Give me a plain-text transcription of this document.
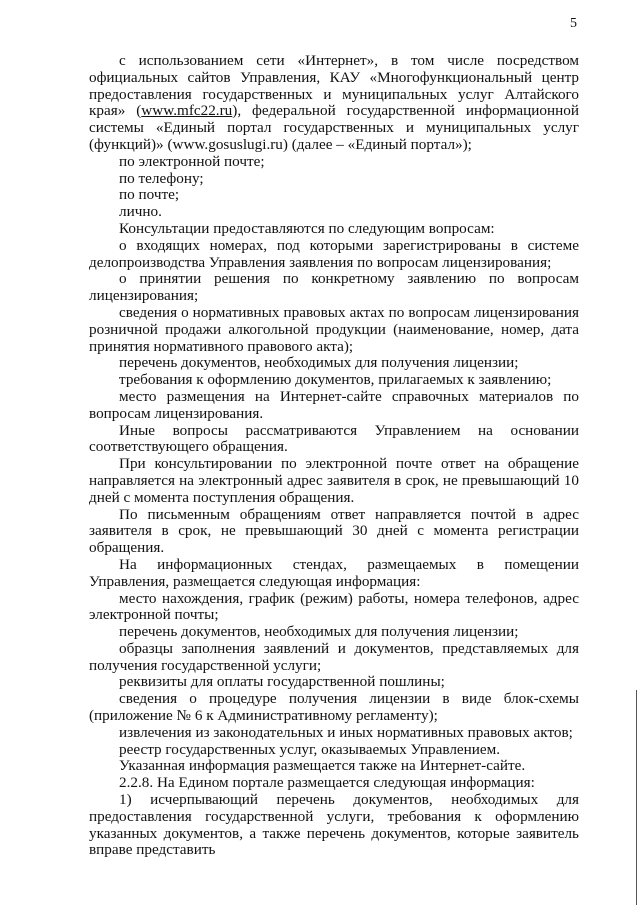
5

с использованием сети «Интернет», в том числе посредством официальных сайтов Управления, КАУ «Многофункциональный центр предоставления государственных и муниципальных услуг Алтайского края» (www.mfc22.ru), федеральной государственной информационной системы «Единый портал государственных и муниципальных услуг (функций)» (www.gosuslugi.ru) (далее – «Единый портал»);

по электронной почте;

по телефону;

по почте;

лично.

Консультации предоставляются по следующим вопросам:

о входящих номерах, под которыми зарегистрированы в системе делопроизводства Управления заявления по вопросам лицензирования;

о принятии решения по конкретному заявлению по вопросам лицензирования;

сведения о нормативных правовых актах по вопросам лицензирования розничной продажи алкогольной продукции (наименование, номер, дата принятия нормативного правового акта);

перечень документов, необходимых для получения лицензии;

требования к оформлению документов, прилагаемых к заявлению;

место размещения на Интернет-сайте справочных материалов по вопросам лицензирования.

Иные вопросы рассматриваются Управлением на основании соответствующего обращения.

При консультировании по электронной почте ответ на обращение направляется на электронный адрес заявителя в срок, не превышающий 10 дней с момента поступления обращения.

По письменным обращениям ответ направляется почтой в адрес заявителя в срок, не превышающий 30 дней с момента регистрации обращения.

На информационных стендах, размещаемых в помещении Управления, размещается следующая информация:

место нахождения, график (режим) работы, номера телефонов, адрес электронной почты;

перечень документов, необходимых для получения лицензии;

образцы заполнения заявлений и документов, представляемых для получения государственной услуги;

реквизиты для оплаты государственной пошлины;

сведения о процедуре получения лицензии в виде блок-схемы (приложение № 6 к Административному регламенту);

извлечения из законодательных и иных нормативных правовых актов;

реестр государственных услуг, оказываемых Управлением.

Указанная информация размещается также на Интернет-сайте.

2.2.8. На Едином портале размещается следующая информация:

1) исчерпывающий перечень документов, необходимых для предоставления государственной услуги, требования к оформлению указанных документов, а также перечень документов, которые заявитель вправе представить
